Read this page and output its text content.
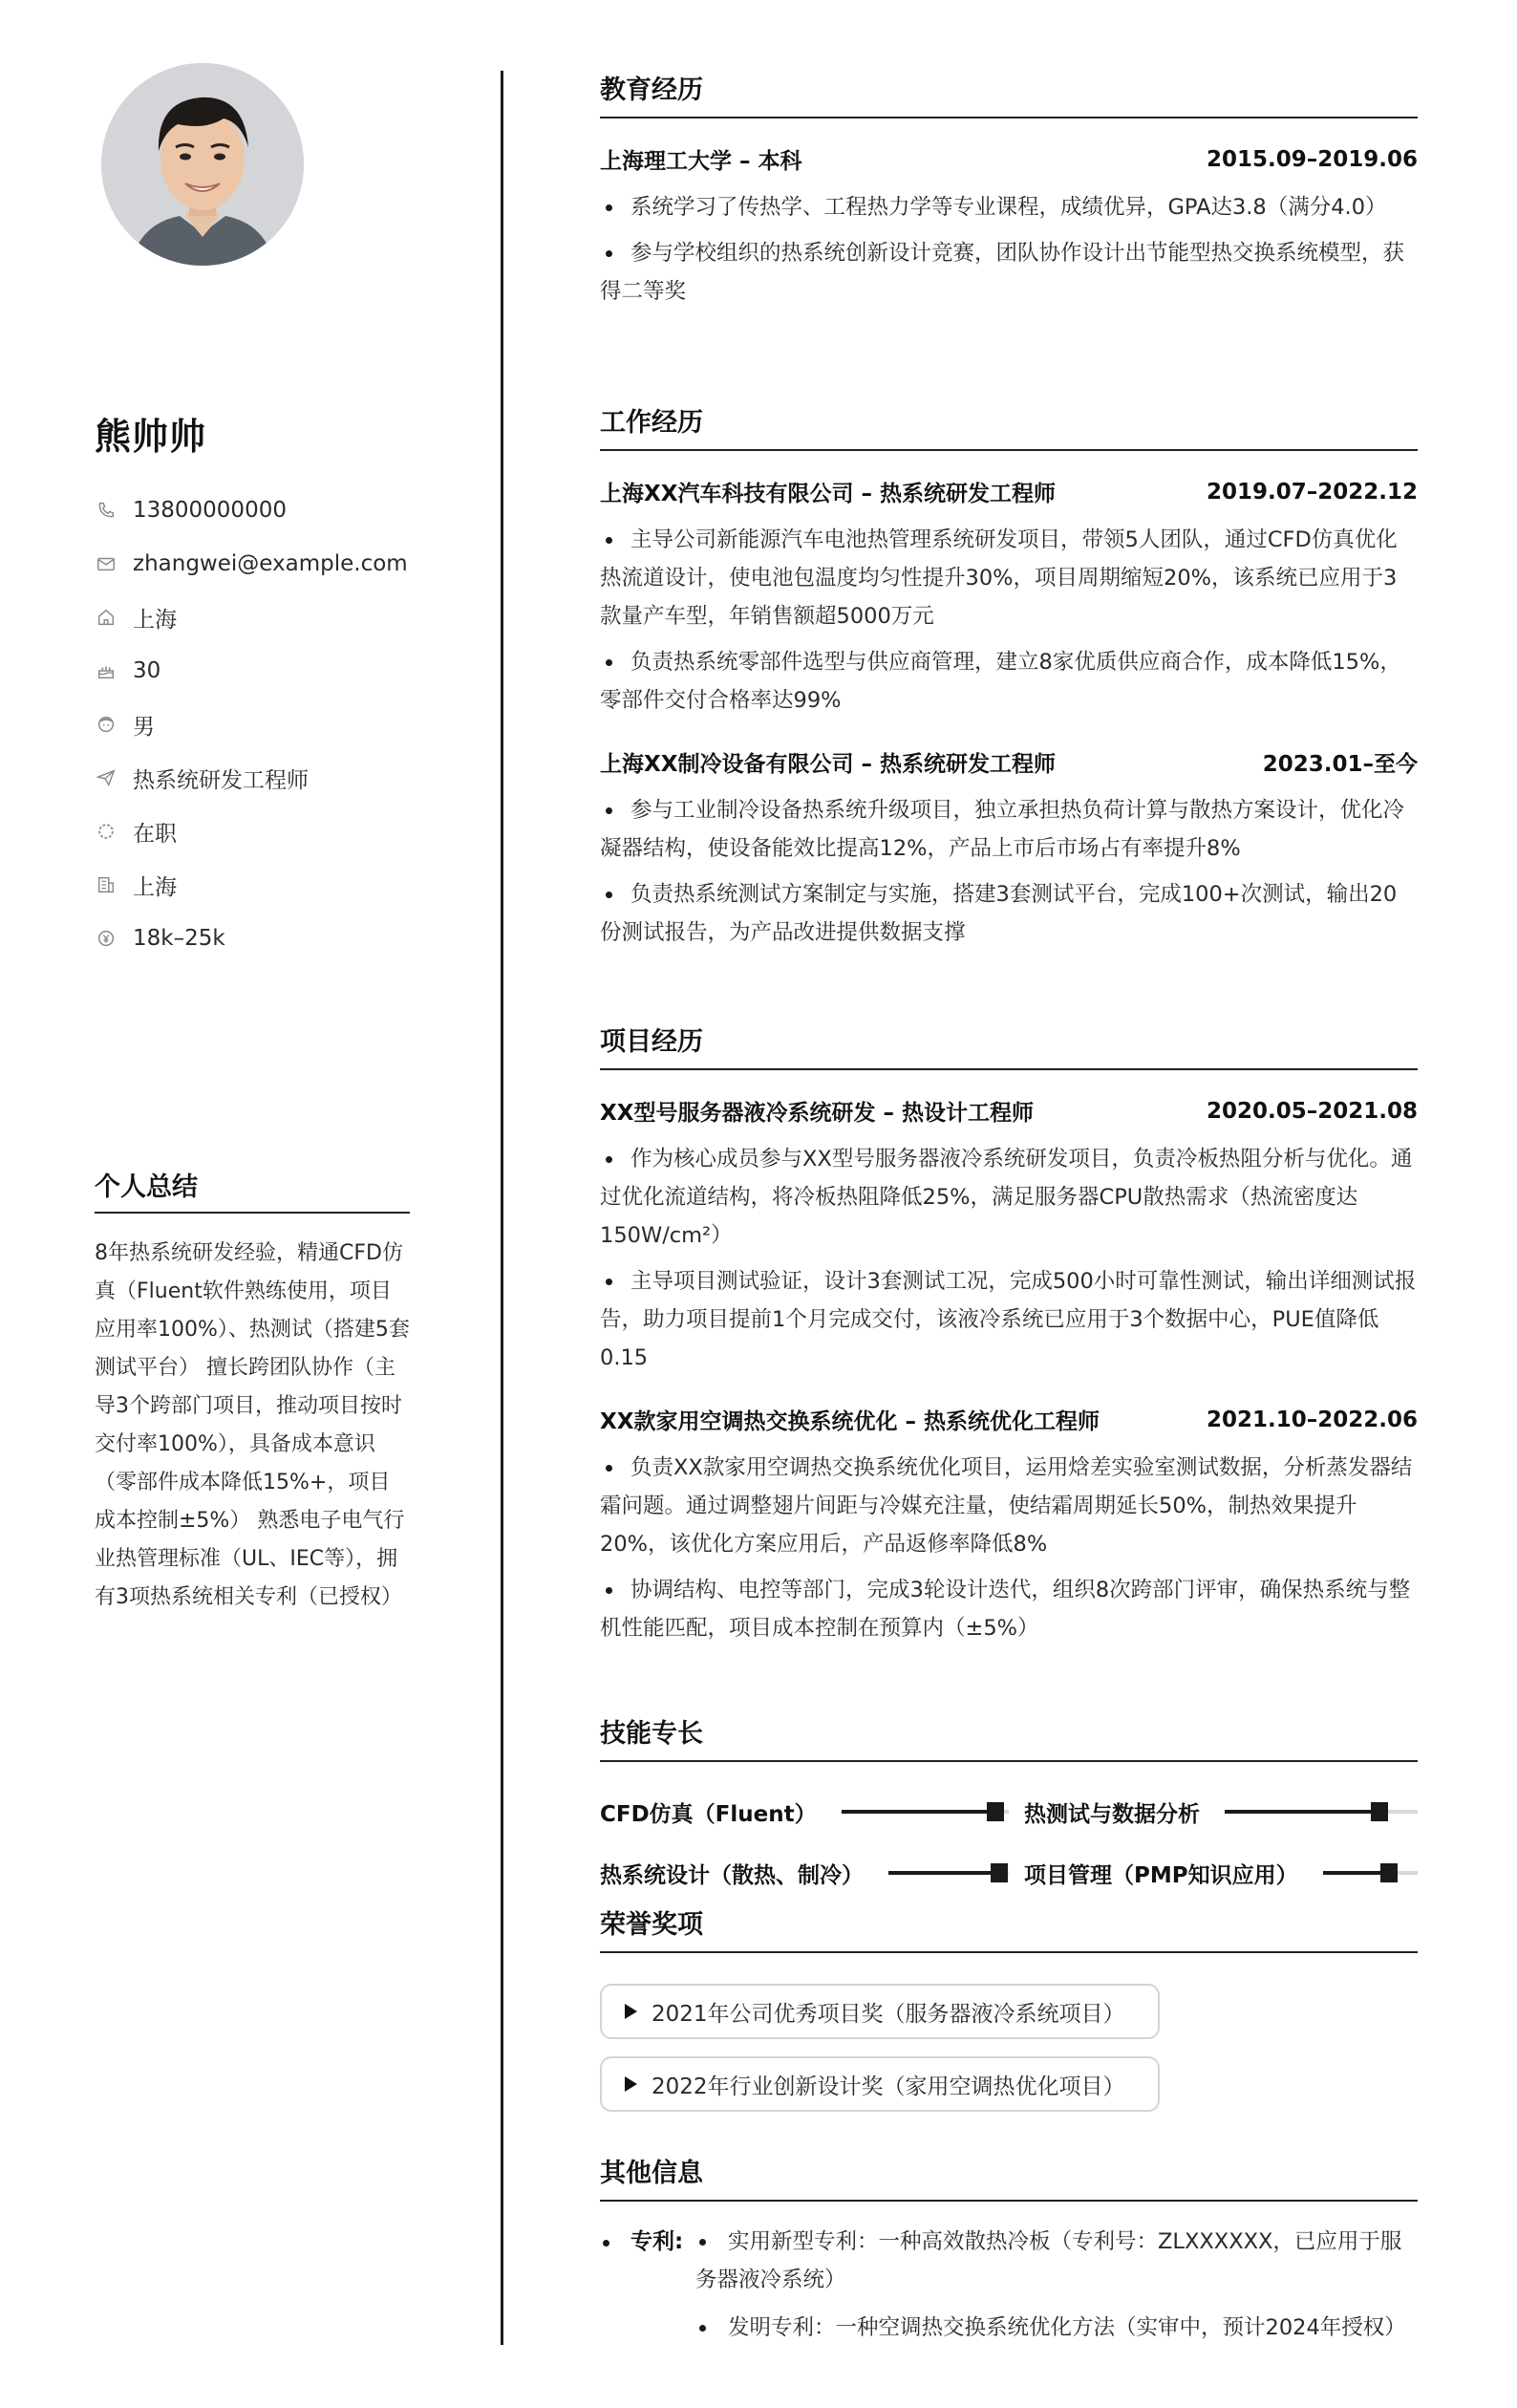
熊帅帅
13800000000
zhangwei@example.com
上海
30
男
热系统研发工程师
在职
上海
18k–25k
个人总结
8年热系统研发经验，精通CFD仿真（Fluent软件熟练使用，项目应用率100%）、热测试（搭建5套测试平台） 擅长跨团队协作（主导3个跨部门项目，推动项目按时交付率100%），具备成本意识（零部件成本降低15%+，项目成本控制±5%） 熟悉电子电气行业热管理标准（UL、IEC等），拥有3项热系统相关专利（已授权）
教育经历
上海理工大学 – 本科	2015.09–2019.06
系统学习了传热学、工程热力学等专业课程，成绩优异，GPA达3.8（满分4.0）
参与学校组织的热系统创新设计竞赛，团队协作设计出节能型热交换系统模型，获得二等奖
工作经历
上海XX汽车科技有限公司 – 热系统研发工程师	2019.07–2022.12
主导公司新能源汽车电池热管理系统研发项目，带领5人团队，通过CFD仿真优化热流道设计，使电池包温度均匀性提升30%，项目周期缩短20%，该系统已应用于3款量产车型，年销售额超5000万元
负责热系统零部件选型与供应商管理，建立8家优质供应商合作，成本降低15%，零部件交付合格率达99%
上海XX制冷设备有限公司 – 热系统研发工程师	2023.01–至今
参与工业制冷设备热系统升级项目，独立承担热负荷计算与散热方案设计，优化冷凝器结构，使设备能效比提高12%，产品上市后市场占有率提升8%
负责热系统测试方案制定与实施，搭建3套测试平台，完成100+次测试，输出20份测试报告，为产品改进提供数据支撑
项目经历
XX型号服务器液冷系统研发 – 热设计工程师	2020.05–2021.08
作为核心成员参与XX型号服务器液冷系统研发项目，负责冷板热阻分析与优化。通过优化流道结构，将冷板热阻降低25%，满足服务器CPU散热需求（热流密度达150W/cm²）
主导项目测试验证，设计3套测试工况，完成500小时可靠性测试，输出详细测试报告，助力项目提前1个月完成交付，该液冷系统已应用于3个数据中心，PUE值降低0.15
XX款家用空调热交换系统优化 – 热系统优化工程师	2021.10–2022.06
负责XX款家用空调热交换系统优化项目，运用焓差实验室测试数据，分析蒸发器结霜问题。通过调整翅片间距与冷媒充注量，使结霜周期延长50%，制热效果提升20%，该优化方案应用后，产品返修率降低8%
协调结构、电控等部门，完成3轮设计迭代，组织8次跨部门评审，确保热系统与整机性能匹配，项目成本控制在预算内（±5%）
技能专长
CFD仿真（Fluent）	热测试与数据分析
热系统设计（散热、制冷）	项目管理（PMP知识应用）
荣誉奖项
2021年公司优秀项目奖（服务器液冷系统项目）
2022年行业创新设计奖（家用空调热优化项目）
其他信息
专利:	实用新型专利：一种高效散热冷板（专利号：ZLXXXXXX，已应用于服务器液冷系统）
发明专利：一种空调热交换系统优化方法（实审中，预计2024年授权）
